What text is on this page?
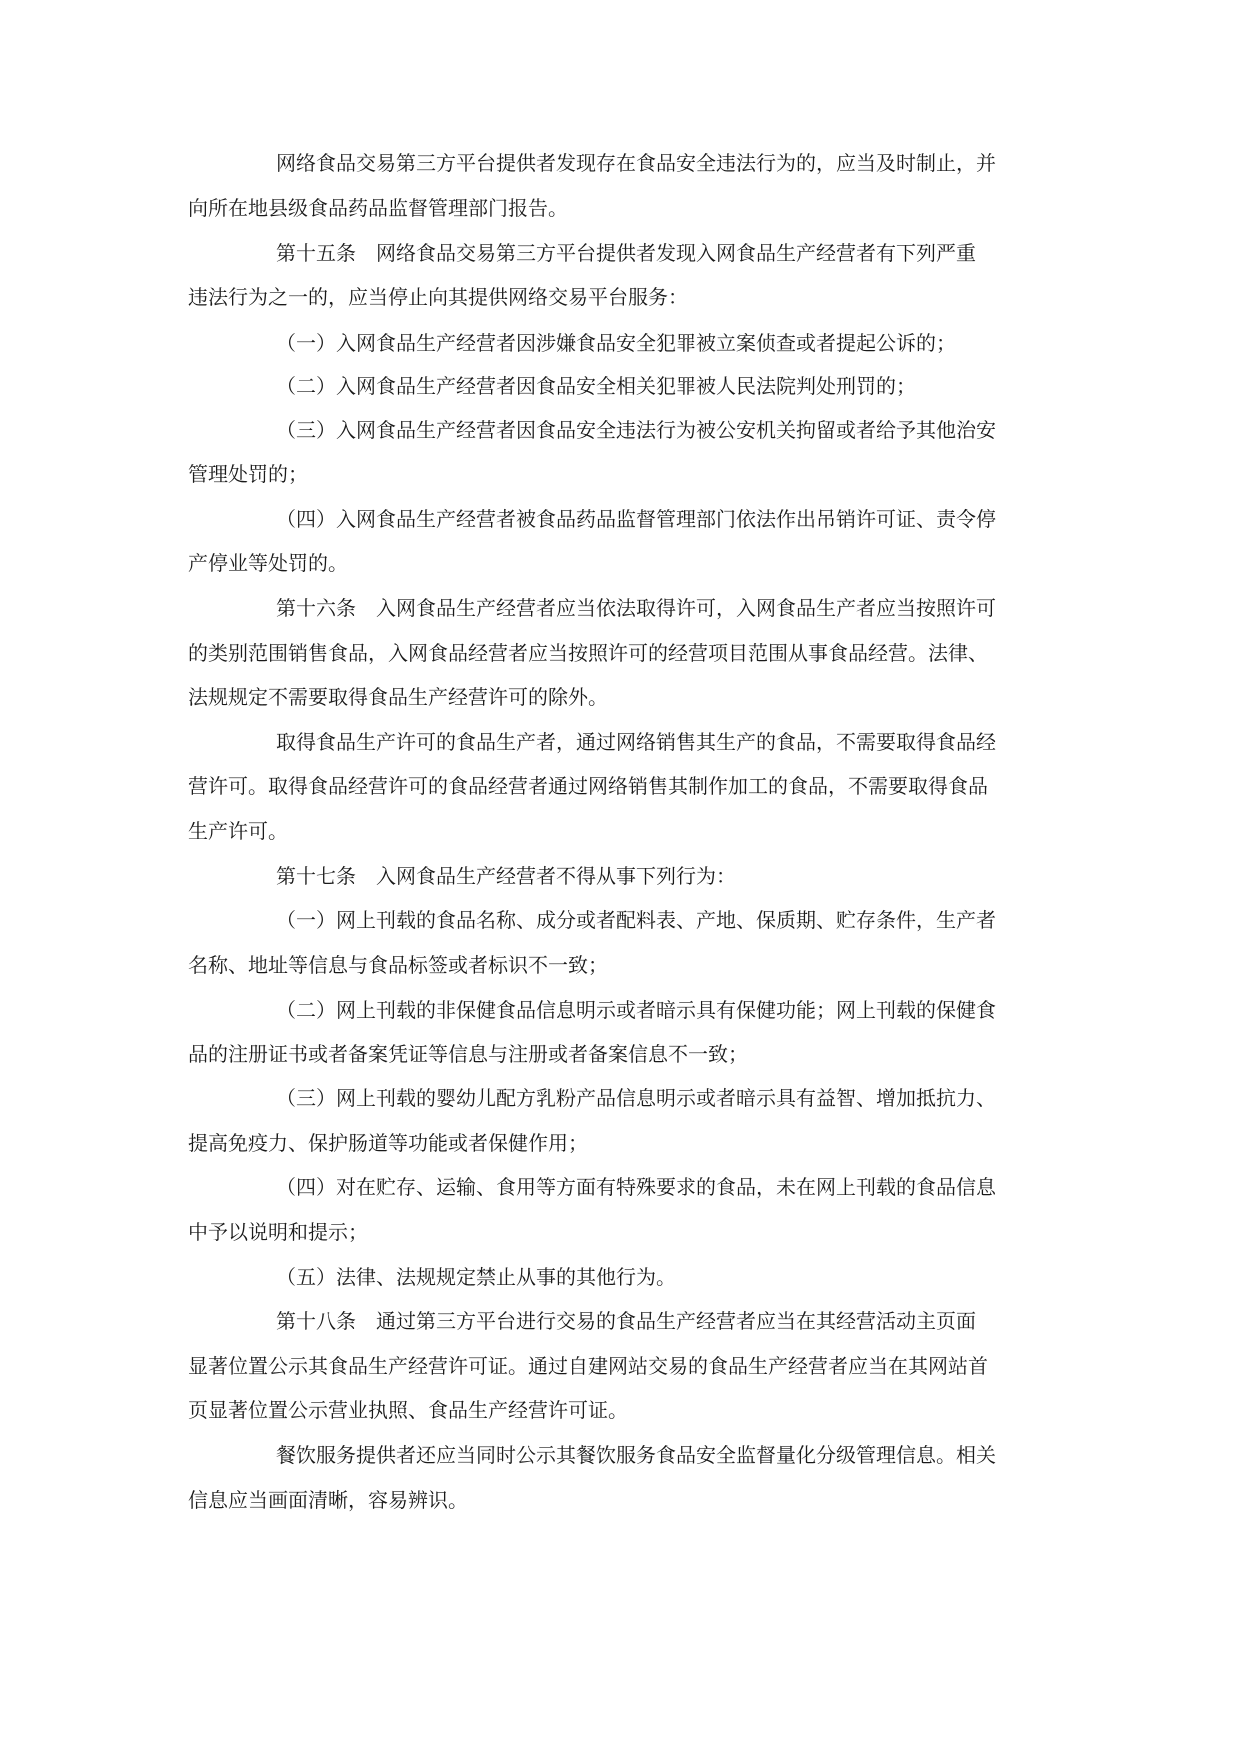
网络食品交易第三方平台提供者发现存在食品安全违法行为的，应当及时制止，并
向所在地县级食品药品监督管理部门报告。
第十五条　网络食品交易第三方平台提供者发现入网食品生产经营者有下列严重
违法行为之一的，应当停止向其提供网络交易平台服务：
（一）入网食品生产经营者因涉嫌食品安全犯罪被立案侦查或者提起公诉的；
（二）入网食品生产经营者因食品安全相关犯罪被人民法院判处刑罚的；
（三）入网食品生产经营者因食品安全违法行为被公安机关拘留或者给予其他治安
管理处罚的；
（四）入网食品生产经营者被食品药品监督管理部门依法作出吊销许可证、责令停
产停业等处罚的。
第十六条　入网食品生产经营者应当依法取得许可，入网食品生产者应当按照许可
的类别范围销售食品，入网食品经营者应当按照许可的经营项目范围从事食品经营。法律、
法规规定不需要取得食品生产经营许可的除外。
取得食品生产许可的食品生产者，通过网络销售其生产的食品，不需要取得食品经
营许可。取得食品经营许可的食品经营者通过网络销售其制作加工的食品，不需要取得食品
生产许可。
第十七条　入网食品生产经营者不得从事下列行为：
（一）网上刊载的食品名称、成分或者配料表、产地、保质期、贮存条件，生产者
名称、地址等信息与食品标签或者标识不一致；
（二）网上刊载的非保健食品信息明示或者暗示具有保健功能；网上刊载的保健食
品的注册证书或者备案凭证等信息与注册或者备案信息不一致；
（三）网上刊载的婴幼儿配方乳粉产品信息明示或者暗示具有益智、增加抵抗力、
提高免疫力、保护肠道等功能或者保健作用；
（四）对在贮存、运输、食用等方面有特殊要求的食品，未在网上刊载的食品信息
中予以说明和提示；
（五）法律、法规规定禁止从事的其他行为。
第十八条　通过第三方平台进行交易的食品生产经营者应当在其经营活动主页面
显著位置公示其食品生产经营许可证。通过自建网站交易的食品生产经营者应当在其网站首
页显著位置公示营业执照、食品生产经营许可证。
餐饮服务提供者还应当同时公示其餐饮服务食品安全监督量化分级管理信息。相关
信息应当画面清晰，容易辨识。
